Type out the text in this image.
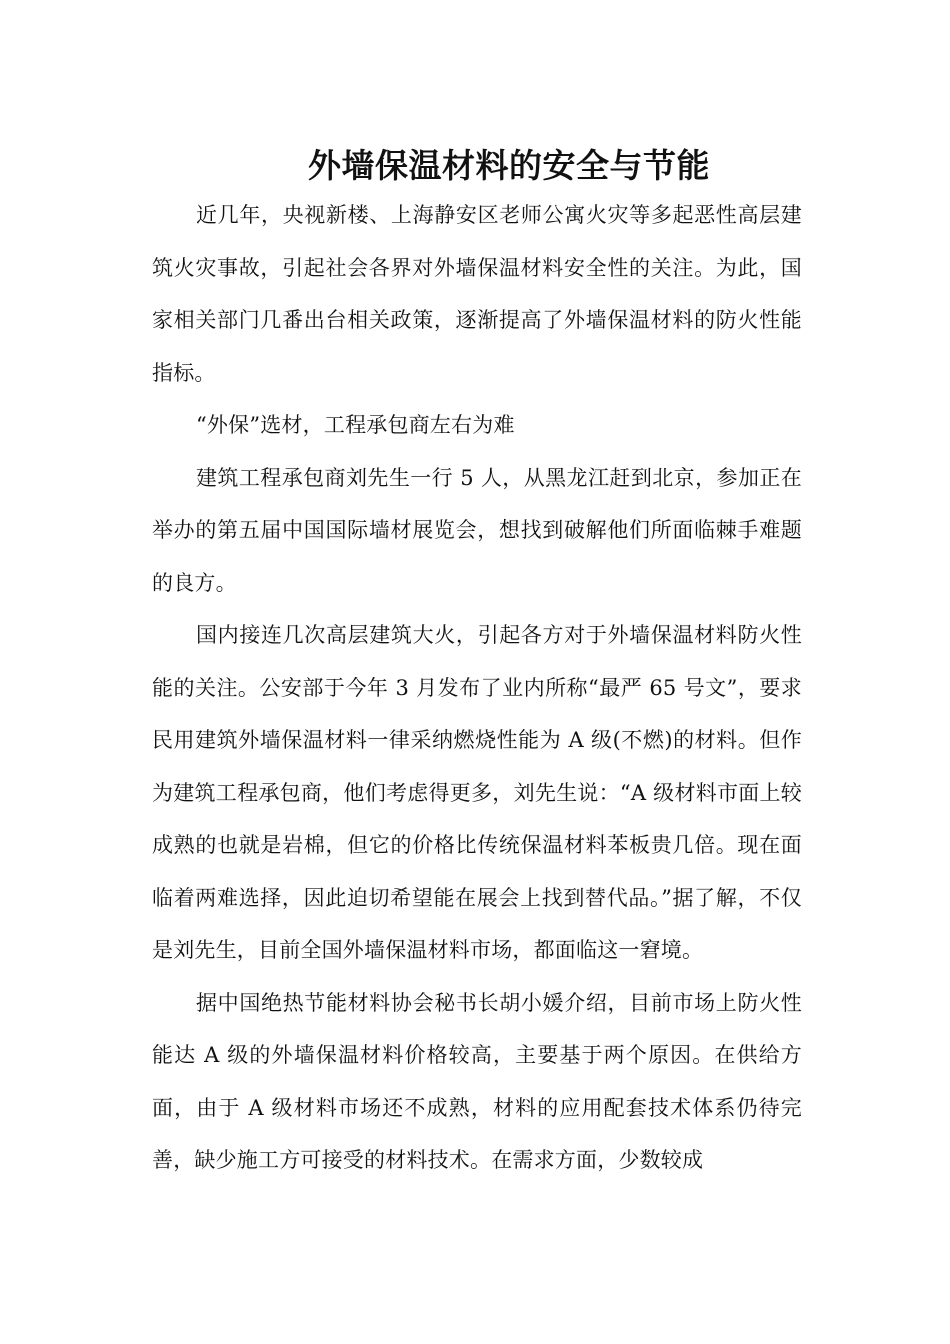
外墙保温材料的安全与节能

近几年，央视新楼、上海静安区老师公寓火灾等多起恶性高层建筑火灾事故，引起社会各界对外墙保温材料安全性的关注。为此，国家相关部门几番出台相关政策，逐渐提高了外墙保温材料的防火性能指标。

“外保”选材，工程承包商左右为难

建筑工程承包商刘先生一行 5 人，从黑龙江赶到北京，参加正在举办的第五届中国国际墙材展览会，想找到破解他们所面临棘手难题的良方。

国内接连几次高层建筑大火，引起各方对于外墙保温材料防火性能的关注。公安部于今年 3 月发布了业内所称“最严 65 号文”，要求民用建筑外墙保温材料一律采纳燃烧性能为 A 级(不燃)的材料。但作为建筑工程承包商，他们考虑得更多，刘先生说：“A 级材料市面上较成熟的也就是岩棉，但它的价格比传统保温材料苯板贵几倍。现在面临着两难选择，因此迫切希望能在展会上找到替代品。”据了解，不仅是刘先生，目前全国外墙保温材料市场，都面临这一窘境。

据中国绝热节能材料协会秘书长胡小媛介绍，目前市场上防火性能达 A 级的外墙保温材料价格较高，主要基于两个原因。在供给方面，由于 A 级材料市场还不成熟，材料的应用配套技术体系仍待完善，缺少施工方可接受的材料技术。在需求方面，少数较成
